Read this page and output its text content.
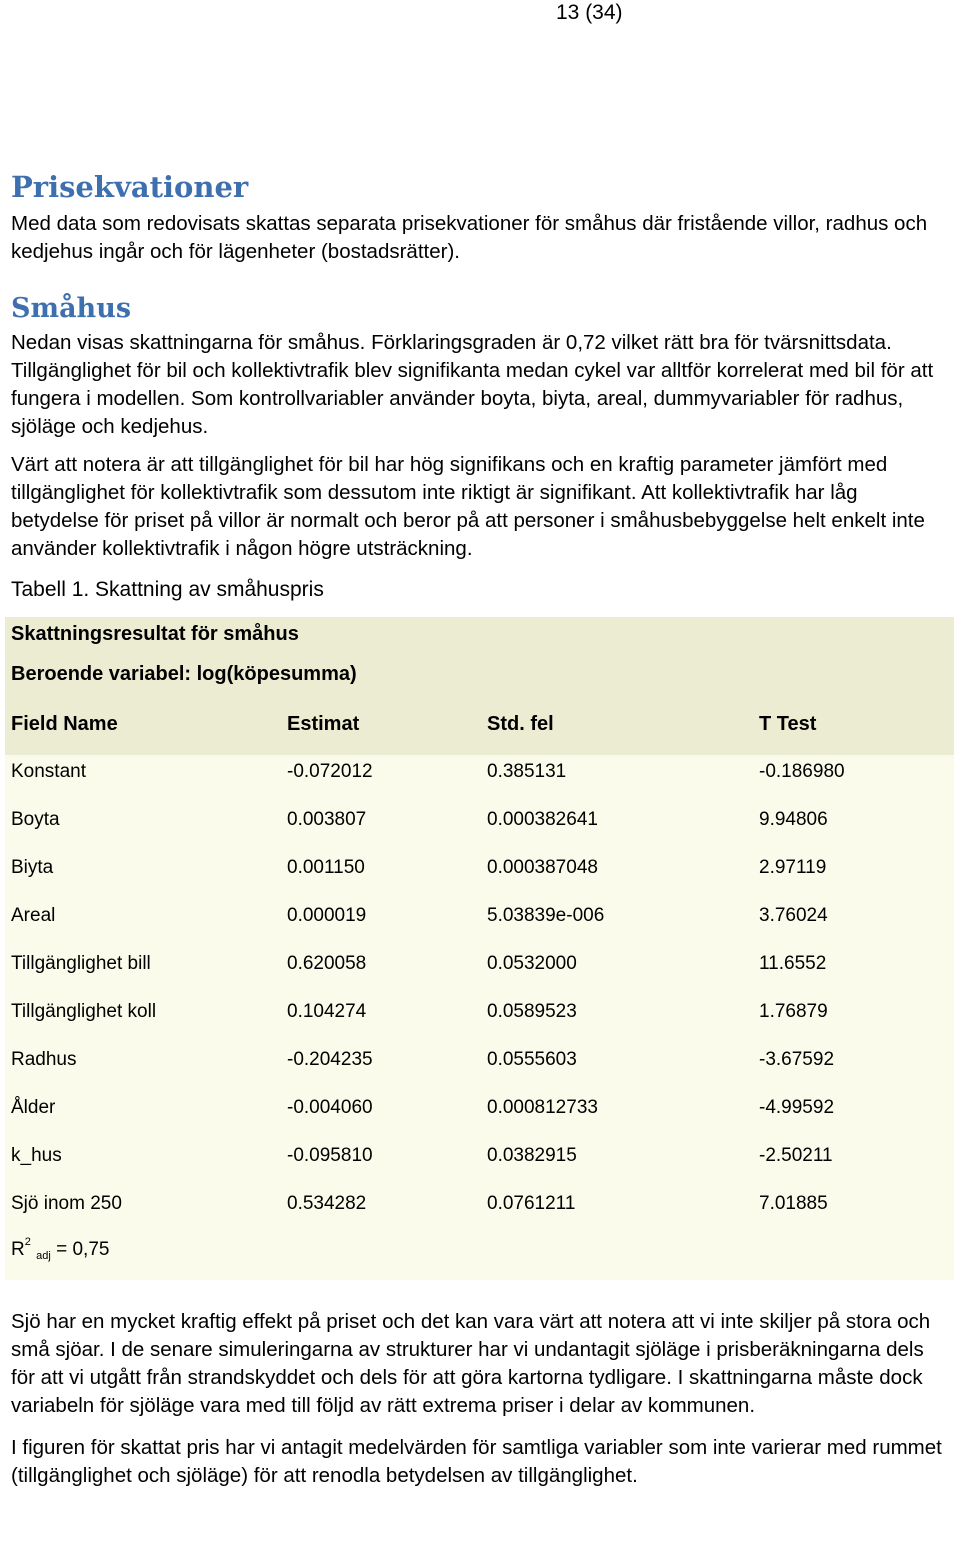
13 (34)
Prisekvationer

Med data som redovisats skattas separata prisekvationer för småhus där fristående villor, radhus och kedjehus ingår och för lägenheter (bostadsrätter).

Småhus

Nedan visas skattningarna för småhus. Förklaringsgraden är 0,72 vilket rätt bra för tvärsnittsdata. Tillgänglighet för bil och kollektivtrafik blev signifikanta medan cykel var alltför korrelerat med bil för att fungera i modellen. Som kontrollvariabler använder boyta, biyta, areal, dummyvariabler för radhus, sjöläge och kedjehus.

Värt att notera är att tillgänglighet för bil har hög signifikans och en kraftig parameter jämfört med tillgänglighet för kollektivtrafik som dessutom inte riktigt är signifikant. Att kollektivtrafik har låg betydelse för priset på villor är normalt och beror på att personer i småhusbebyggelse helt enkelt inte använder kollektivtrafik i någon högre utsträckning.

Tabell 1. Skattning av småhuspris
Skattningsresultat för småhus
Beroende variabel: log(köpesumma)
Field Name	Estimat	Std. fel	T Test
Konstant	-0.072012	0.385131	-0.186980
Boyta	0.003807	0.000382641	9.94806
Biyta	0.001150	0.000387048	2.97119
Areal	0.000019	5.03839e-006	3.76024
Tillgänglighet bill	0.620058	0.0532000	11.6552
Tillgänglighet koll	0.104274	0.0589523	1.76879
Radhus	-0.204235	0.0555603	-3.67592
Ålder	-0.004060	0.000812733	-4.99592
k_hus	-0.095810	0.0382915	-2.50211
Sjö inom 250	0.534282	0.0761211	7.01885
$R^2$ $_{adj}$ = 0,75

Sjö har en mycket kraftig effekt på priset och det kan vara värt att notera att vi inte skiljer på stora och små sjöar. I de senare simuleringarna av strukturer har vi undantagit sjöläge i prisberäkningarna dels för att vi utgått från strandskyddet och dels för att göra kartorna tydligare. I skattningarna måste dock variabeln för sjöläge vara med till följd av rätt extrema priser i delar av kommunen.

I figuren för skattat pris har vi antagit medelvärden för samtliga variabler som inte varierar med rummet (tillgänglighet och sjöläge) för att renodla betydelsen av tillgänglighet.
